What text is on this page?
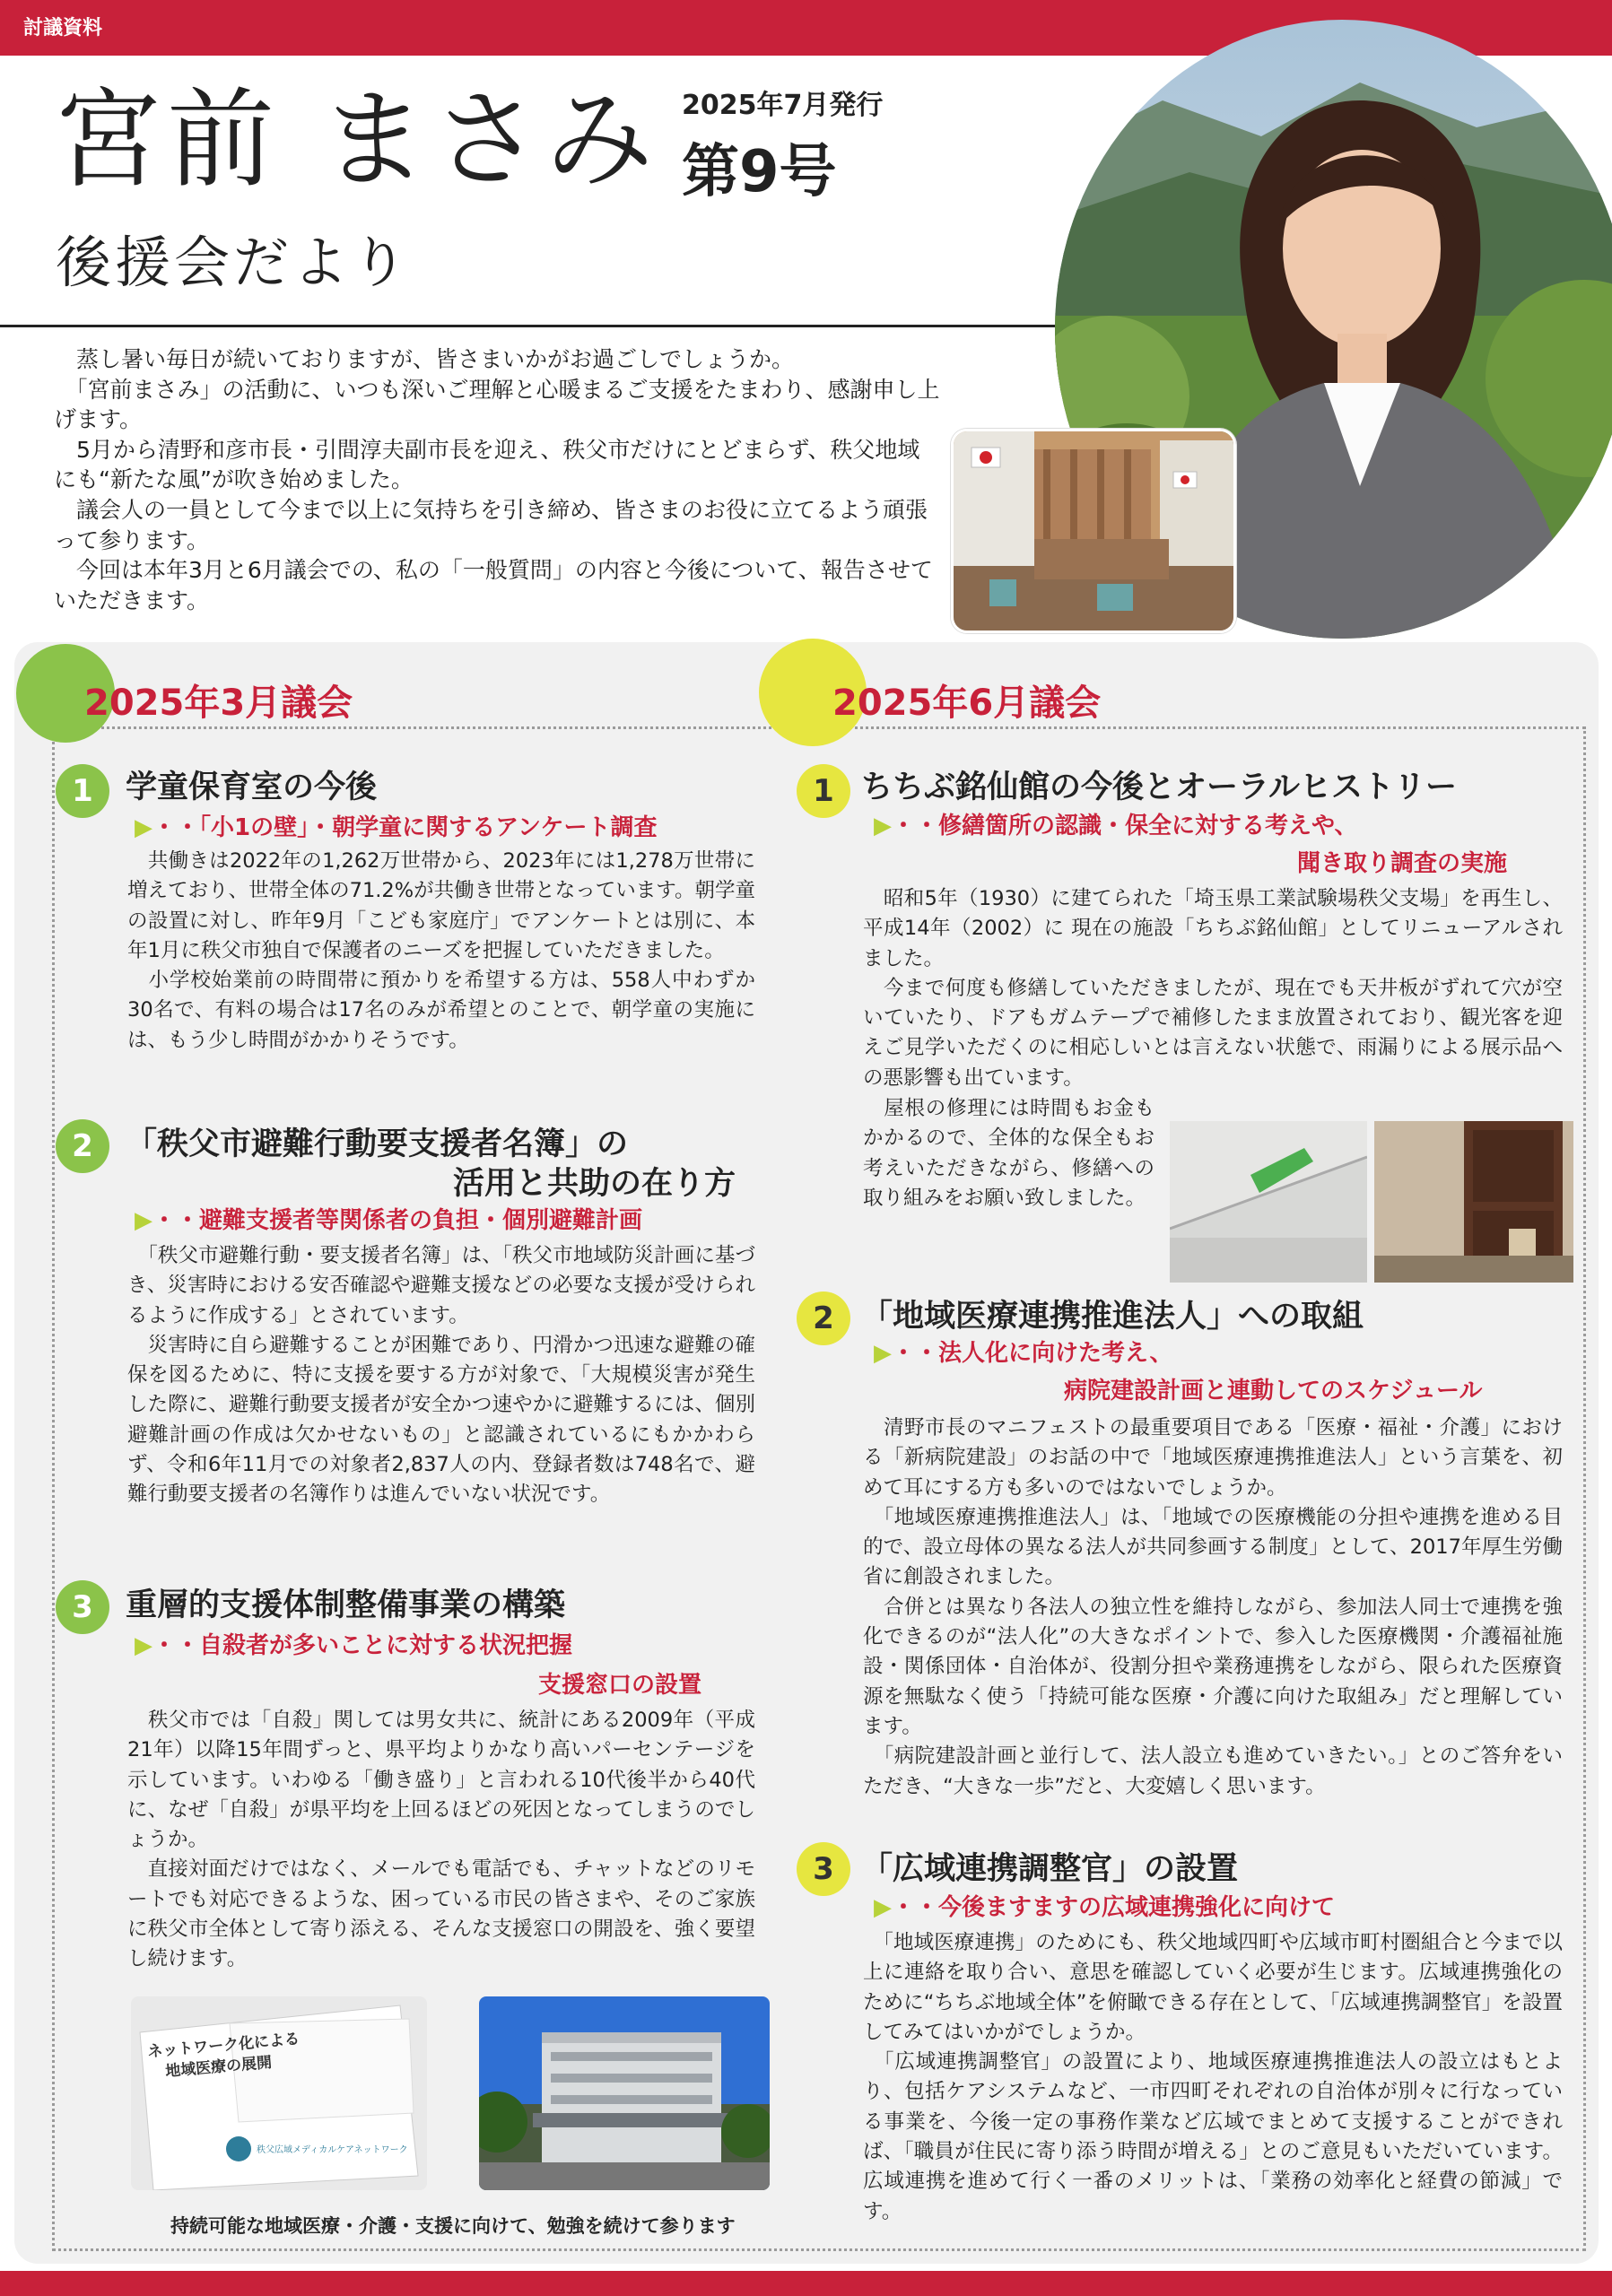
討議資料
宮前 まさみ
後援会だより
2025年7月発行
第9号

　蒸し暑い毎日が続いておりますが、皆さまいかがお過ごしでしょうか。

　「宮前まさみ」の活動に、いつも深いご理解と心暖まるご支援をたまわり、感謝申し上げます。

　5月から清野和彦市長・引間淳夫副市長を迎え、秩父市だけにとどまらず、秩父地域にも“新たな風”が吹き始めました。

　議会人の一員として今まで以上に気持ちを引き締め、皆さまのお役に立てるよう頑張って参ります。

　今回は本年3月と6月議会での、私の「一般質問」の内容と今後について、報告させていただきます。

2025年3月議会	2025年6月議会
1	学童保育室の今後
▶・・「小1の壁」・朝学童に関するアンケート調査

　共働きは2022年の1,262万世帯から、2023年には1,278万世帯に増えており、世帯全体の71.2%が共働き世帯となっています。朝学童の設置に対し、昨年9月「こども家庭庁」でアンケートとは別に、本年1月に秩父市独自で保護者のニーズを把握していただきました。

　小学校始業前の時間帯に預かりを希望する方は、558人中わずか30名で、有料の場合は17名のみが希望とのことで、朝学童の実施には、もう少し時間がかかりそうです。

2	「秩父市避難行動要支援者名簿」の
活用と共助の在り方
▶・・避難支援者等関係者の負担・個別避難計画

　「秩父市避難行動・要支援者名簿」は、「秩父市地域防災計画に基づき、災害時における安否確認や避難支援などの必要な支援が受けられるように作成する」とされています。

　災害時に自ら避難することが困難であり、円滑かつ迅速な避難の確保を図るために、特に支援を要する方が対象で、「大規模災害が発生した際に、避難行動要支援者が安全かつ速やかに避難するには、個別避難計画の作成は欠かせないもの」と認識されているにもかかわらず、令和6年11月での対象者2,837人の内、登録者数は748名で、避難行動要支援者の名簿作りは進んでいない状況です。

3	重層的支援体制整備事業の構築
▶・・自殺者が多いことに対する状況把握
支援窓口の設置

　秩父市では「自殺」関しては男女共に、統計にある2009年（平成21年）以降15年間ずっと、県平均よりかなり高いパーセンテージを示しています。いわゆる「働き盛り」と言われる10代後半から40代に、なぜ「自殺」が県平均を上回るほどの死因となってしまうのでしょうか。

　直接対面だけではなく、メールでも電話でも、チャットなどのリモートでも対応できるような、困っている市民の皆さまや、そのご家族に秩父市全体として寄り添える、そんな支援窓口の開設を、強く要望し続けます。

ネットワーク化による
地域医療の展開
秩父広域メディカルケアネットワーク
持続可能な地域医療・介護・支援に向けて、勉強を続けて参ります
1 ちちぶ銘仙館の今後とオーラルヒストリー
▶・・修繕箇所の認識・保全に対する考えや、
聞き取り調査の実施

　昭和5年（1930）に建てられた「埼玉県工業試験場秩父支場」を再生し、平成14年（2002）に 現在の施設「ちちぶ銘仙館」としてリニューアルされました。

　今まで何度も修繕していただきましたが、現在でも天井板がずれて穴が空いていたり、ドアもガムテープで補修したまま放置されており、観光客を迎えご見学いただくのに相応しいとは言えない状態で、雨漏りによる展示品への悪影響も出ています。

　屋根の修理には時間もお金もかかるので、全体的な保全もお考えいただきながら、修繕への取り組みをお願い致しました。

2 「地域医療連携推進法人」への取組
▶・・法人化に向けた考え、
病院建設計画と連動してのスケジュール

　清野市長のマニフェストの最重要項目である「医療・福祉・介護」における「新病院建設」のお話の中で「地域医療連携推進法人」という言葉を、初めて耳にする方も多いのではないでしょうか。

　「地域医療連携推進法人」は、「地域での医療機能の分担や連携を進める目的で、設立母体の異なる法人が共同参画する制度」として、2017年厚生労働省に創設されました。

　合併とは異なり各法人の独立性を維持しながら、参加法人同士で連携を強化できるのが“法人化”の大きなポイントで、参入した医療機関・介護福祉施設・関係団体・自治体が、役割分担や業務連携をしながら、限られた医療資源を無駄なく使う「持続可能な医療・介護に向けた取組み」だと理解しています。

　「病院建設計画と並行して、法人設立も進めていきたい。」とのご答弁をいただき、“大きな一歩”だと、大変嬉しく思います。

3 「広域連携調整官」の設置
▶・・今後ますますの広域連携強化に向けて

　「地域医療連携」のためにも、秩父地域四町や広域市町村圏組合と今まで以上に連絡を取り合い、意思を確認していく必要が生じます。広域連携強化のために“ちちぶ地域全体”を俯瞰できる存在として、「広域連携調整官」を設置してみてはいかがでしょうか。

　「広域連携調整官」の設置により、地域医療連携推進法人の設立はもとより、包括ケアシステムなど、一市四町それぞれの自治体が別々に行なっている事業を、今後一定の事務作業など広域でまとめて支援することができれば、「職員が住民に寄り添う時間が増える」とのご意見もいただいています。広域連携を進めて行く一番のメリットは、「業務の効率化と経費の節減」です。
